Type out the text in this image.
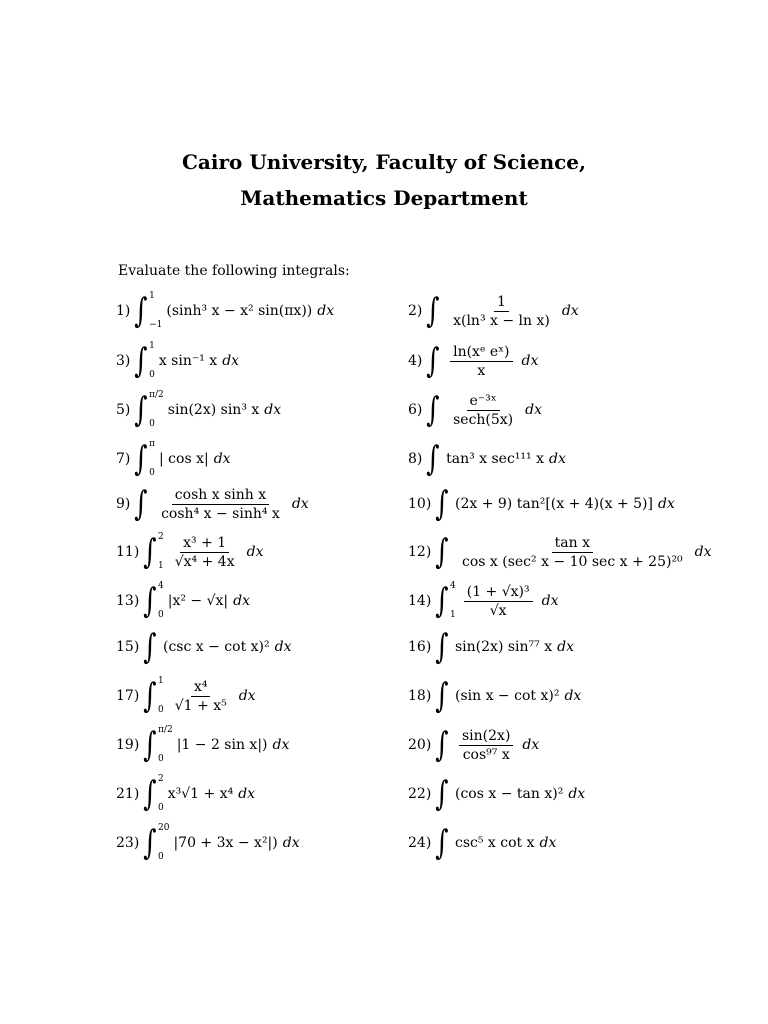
Cairo University, Faculty of Science,
Mathematics Department
Evaluate the following integrals:
1) ∫ 1
−1
(sinh³ x − x² sin(πx)) dx	2) ∫ $\frac{1}{\text{x(ln³ x − ln x)}}$ dx
3) ∫ 1
0
x sin⁻¹ x dx	4) ∫ $\frac{\text{ln(xᵉ eˣ)}}{x}$ dx
5) ∫ π/2
0
sin(2x) sin³ x dx	6) ∫ $\frac{\text{e⁻³ˣ}}{\sec h(5x)}$ dx
7) ∫ π
0
| cos x| dx	8) ∫ tan³ x sec¹¹¹ x dx
9) ∫ $\frac{\text{cosh x sinh x}}{\text{cosh⁴ x − sinh⁴ x}}$ dx	10) ∫ (2x + 9) tan²[(x + 4)(x + 5)] dx
11) ∫ 2
$1 \frac{\text{x³ + 1}}{\text{√x⁴ + 4x}}$ dx	12) ∫ $\frac{\text{tan x}}{\text{cos x (sec² x − 10 sec x + 25)²⁰}}$ dx
13) ∫ 4
0
|x² − √x| dx	14) ∫ 4
$1 \frac{\text{(1 + √x)³}}{√x}$ dx
15) ∫ (csc x − cot x)² dx	16) ∫ sin(2x) sin⁷⁷ x dx
17) ∫ 1
$0 \frac{\text{x⁴}}{\text{√1 + x⁵}}$ dx	18) ∫ (sin x − cot x)² dx
19) ∫ π/2
0
|1 − 2 sin x|) dx	20) ∫ $\frac{\sin(2x)}{\text{cos⁹⁷ x}}$ dx
21) ∫ 2
0
x³√1 + x⁴ dx	22) ∫ (cos x − tan x)² dx
23) ∫ 20
0
|70 + 3x − x²|) dx	24) ∫ csc⁵ x cot x dx
